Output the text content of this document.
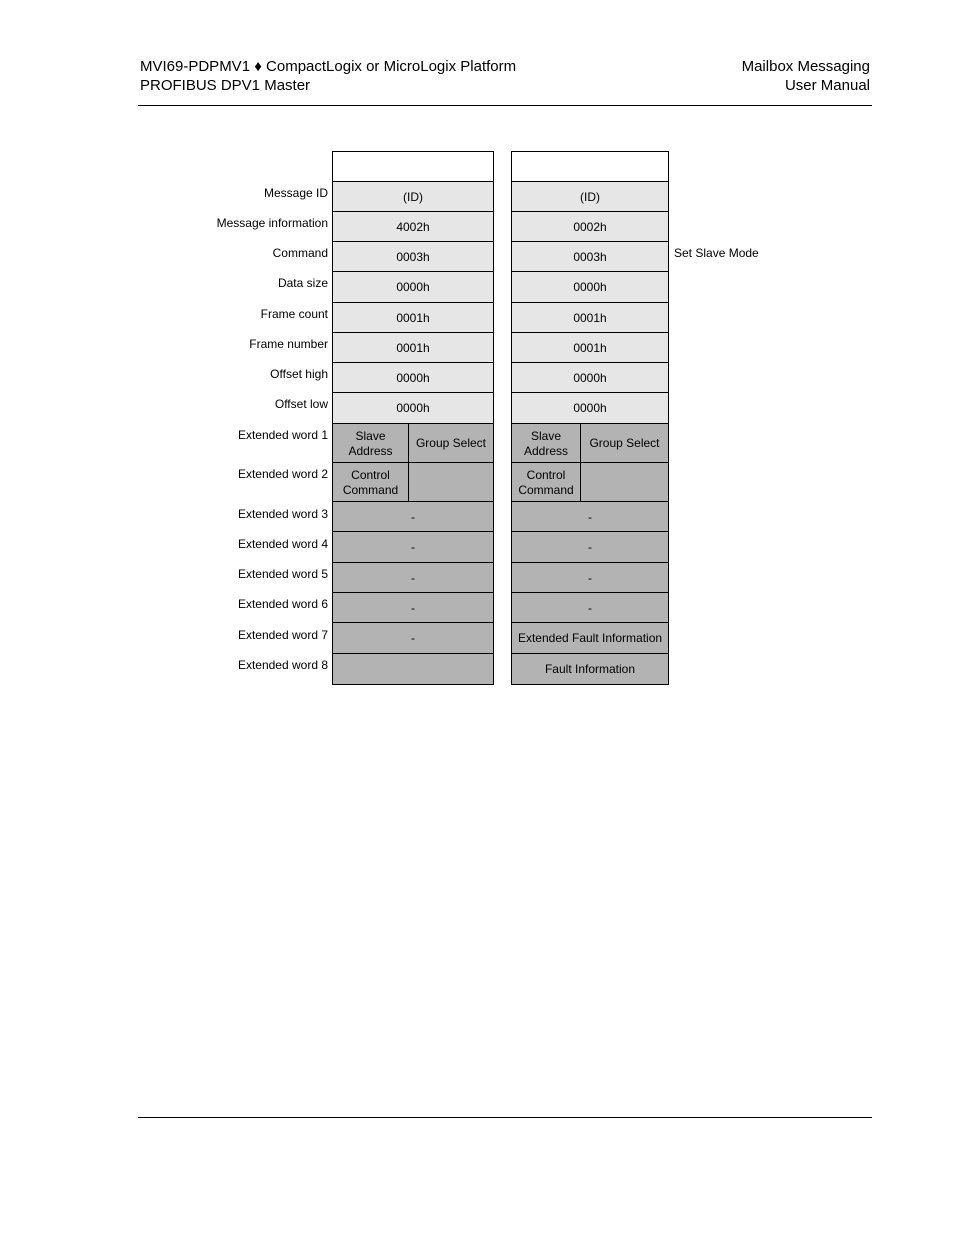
MVI69-PDPMV1 ♦ CompactLogix or MicroLogix Platform
PROFIBUS DPV1 Master
Mailbox Messaging
User Manual
Message ID
Message information
Command
Data size
Frame count
Frame number
Offset high
Offset low
Extended word 1
Extended word 2
Extended word 3
Extended word 4
Extended word 5
Extended word 6
Extended word 7
Extended word 8
(ID)
4002h
0003h
0000h
0001h
0001h
0000h
0000h
Slave Address
Group Select
Control Command
-
-
-
-
-
(ID)
0002h
0003h
0000h
0001h
0001h
0000h
0000h
Slave Address
Group Select
Control Command
-
-
-
-
Extended Fault Information
Fault Information
Set Slave Mode
